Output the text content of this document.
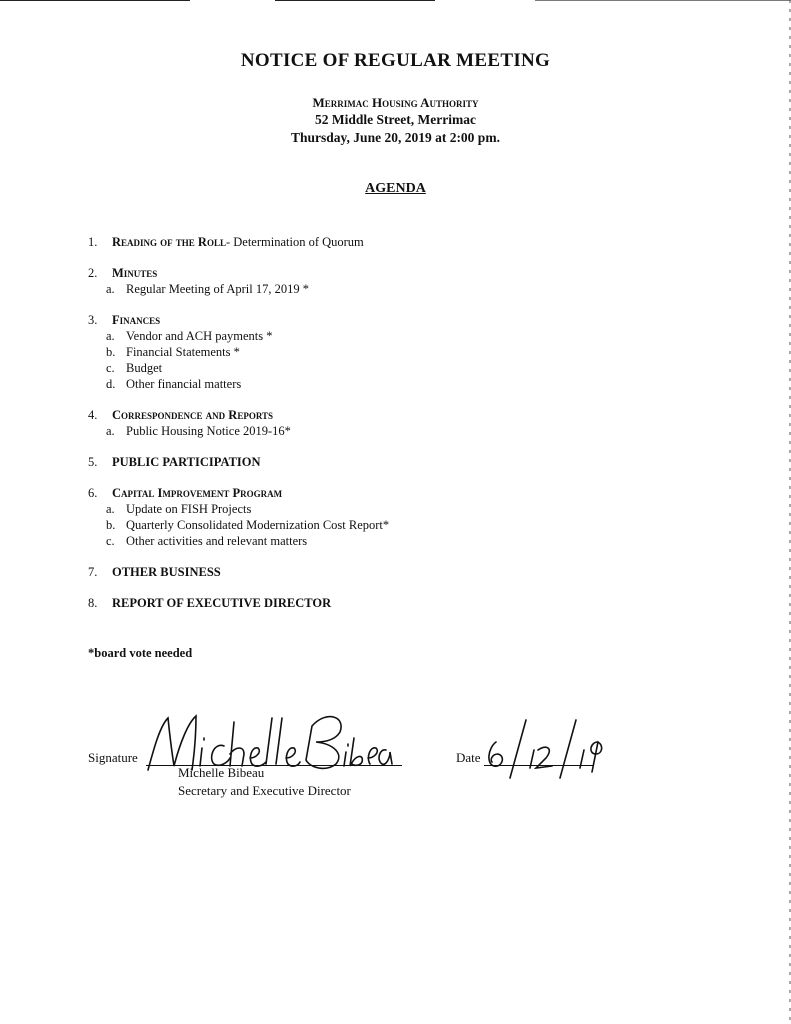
NOTICE OF REGULAR MEETING
Merrimac Housing Authority
52 Middle Street, Merrimac
Thursday, June 20, 2019 at 2:00 pm.
AGENDA
1.	Reading of the Roll - Determination of Quorum
2.	Minutes
a. Regular Meeting of April 17, 2019 *
3.	Finances
a. Vendor and ACH payments *
b. Financial Statements *
c. Budget
d. Other financial matters
4.	Correspondence and Reports
a. Public Housing Notice 2019-16*
5.	PUBLIC PARTICIPATION
6.	Capital Improvement Program
a. Update on FISH Projects
b. Quarterly Consolidated Modernization Cost Report*
c. Other activities and relevant matters
7.	OTHER BUSINESS
8.	REPORT OF EXECUTIVE DIRECTOR
*board vote needed
Signature
Michelle Bibeau
Secretary and Executive Director
Date
